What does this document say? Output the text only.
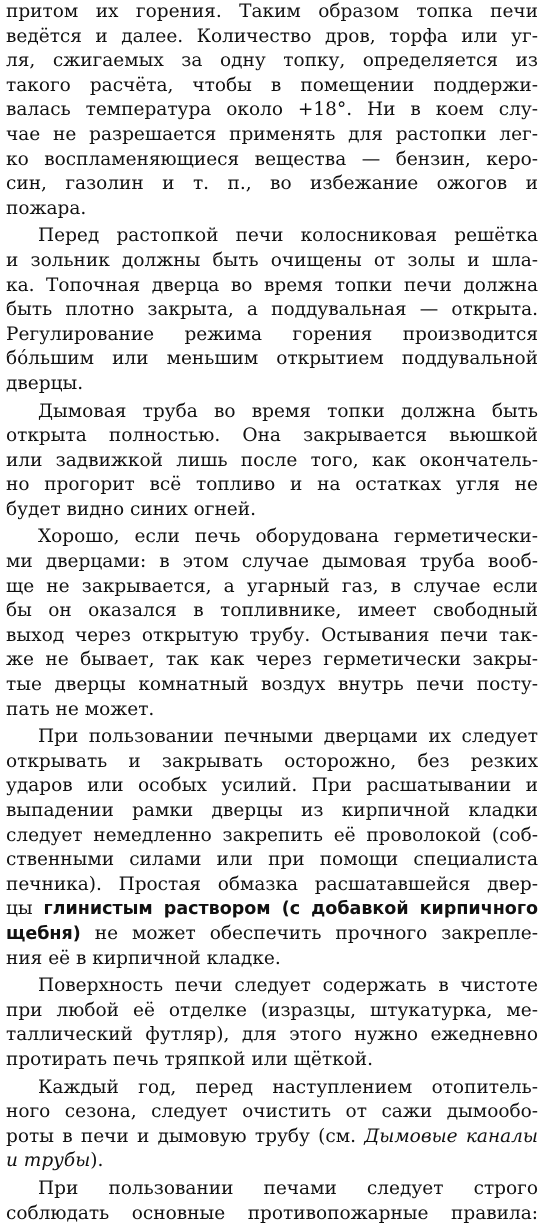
притом их горения. Таким образом топка печи
ведётся и далее. Количество дров, торфа или уг-
ля, сжигаемых за одну топку, определяется из
такого расчёта, чтобы в помещении поддержи-
валась температура около +18°. Ни в коем слу-
чае не разрешается применять для растопки лег-
ко воспламеняющиеся вещества — бензин, керо-
син, газолин и т. п., во избежание ожогов и
пожара.
Перед растопкой печи колосниковая решётка
и зольник должны быть очищены от золы и шла-
ка. Топочная дверца во время топки печи должна
быть плотно закрыта, а поддувальная — открыта.
Регулирование режима горения производится
бóльшим или меньшим открытием поддувальной
дверцы.
Дымовая труба во время топки должна быть
открыта полностью. Она закрывается вьюшкой
или задвижкой лишь после того, как окончатель-
но прогорит всё топливо и на остатках угля не
будет видно синих огней.
Хорошо, если печь оборудована герметически-
ми дверцами: в этом случае дымовая труба вооб-
ще не закрывается, а угарный газ, в случае если
бы он оказался в топливнике, имеет свободный
выход через открытую трубу. Остывания печи так-
же не бывает, так как через герметически закры-
тые дверцы комнатный воздух внутрь печи посту-
пать не может.
При пользовании печными дверцами их следует
открывать и закрывать осторожно, без резких
ударов или особых усилий. При расшатывании и
выпадении рамки дверцы из кирпичной кладки
следует немедленно закрепить её проволокой (соб-
ственными силами или при помощи специалиста
печника). Простая обмазка расшатавшейся двер-
цы глинистым раствором (с добавкой кирпичного
щебня) не может обеспечить прочного закрепле-
ния её в кирпичной кладке.
Поверхность печи следует содержать в чистоте
при любой её отделке (изразцы, штукатурка, ме-
таллический футляр), для этого нужно ежедневно
протирать печь тряпкой или щёткой.
Каждый год, перед наступлением отопитель-
ного сезона, следует очистить от сажи дымообо-
роты в печи и дымовую трубу (см. Дымовые каналы
и трубы).
При пользовании печами следует строго
соблюдать основные противопожарные правила:
